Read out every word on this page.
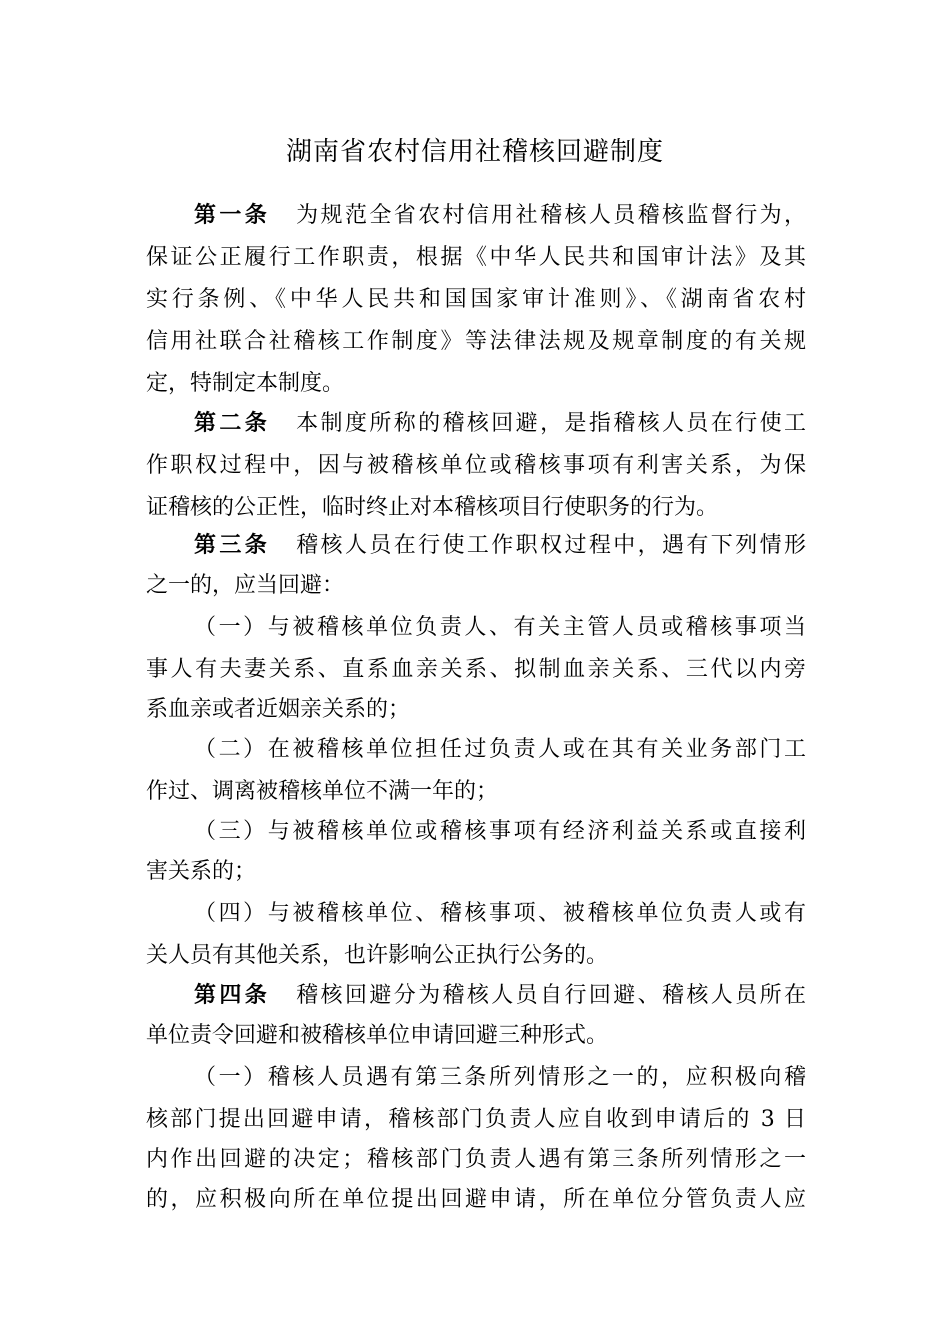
湖南省农村信用社稽核回避制度
第一条 为规范全省农村信用社稽核人员稽核监督行为，
保证公正履行工作职责，根据《中华人民共和国审计法》及其
实行条例、《中华人民共和国国家审计准则》、《湖南省农村
信用社联合社稽核工作制度》等法律法规及规章制度的有关规
定，特制定本制度。
第二条 本制度所称的稽核回避，是指稽核人员在行使工
作职权过程中，因与被稽核单位或稽核事项有利害关系，为保
证稽核的公正性，临时终止对本稽核项目行使职务的行为。
第三条 稽核人员在行使工作职权过程中，遇有下列情形
之一的，应当回避：
（一）与被稽核单位负责人、有关主管人员或稽核事项当
事人有夫妻关系、直系血亲关系、拟制血亲关系、三代以内旁
系血亲或者近姻亲关系的；
（二）在被稽核单位担任过负责人或在其有关业务部门工
作过、调离被稽核单位不满一年的；
（三）与被稽核单位或稽核事项有经济利益关系或直接利
害关系的；
（四）与被稽核单位、稽核事项、被稽核单位负责人或有
关人员有其他关系，也许影响公正执行公务的。
第四条 稽核回避分为稽核人员自行回避、稽核人员所在
单位责令回避和被稽核单位申请回避三种形式。
（一）稽核人员遇有第三条所列情形之一的，应积极向稽
核部门提出回避申请，稽核部门负责人应自收到申请后的 3 日
内作出回避的决定；稽核部门负责人遇有第三条所列情形之一
的，应积极向所在单位提出回避申请，所在单位分管负责人应
